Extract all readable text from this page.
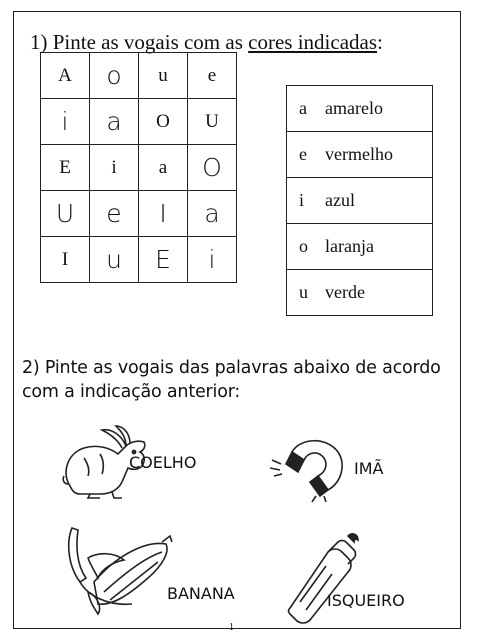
1) Pinte as vogais com as cores indicadas:
A	o	u	e
i	a	O	U
E	i	a	O
U	e	I	a
I	u	E	i
a amarelo
e vermelho
i azul
o laranja
u verde
2) Pinte as vogais das palavras abaixo de acordo com a indicação anterior:
COELHO	IMÃ
BANANA	ISQUEIRO
1
